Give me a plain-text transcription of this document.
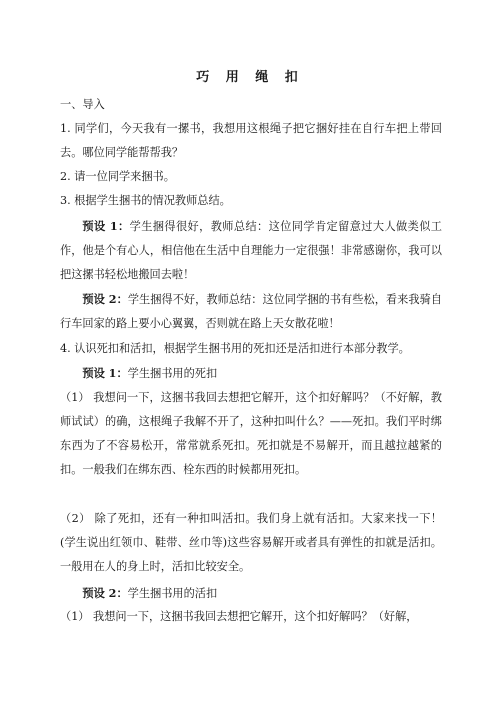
巧 用 绳 扣

一、导入

1. 同学们，今天我有一摞书，我想用这根绳子把它捆好挂在自行车把上带回去。哪位同学能帮帮我？

2. 请一位同学来捆书。

3. 根据学生捆书的情况教师总结。

预设 1：学生捆得很好，教师总结：这位同学肯定留意过大人做类似工作，他是个有心人，相信他在生活中自理能力一定很强！非常感谢你，我可以把这摞书轻松地搬回去啦！

预设 2：学生捆得不好，教师总结：这位同学捆的书有些松，看来我骑自行车回家的路上要小心翼翼，否则就在路上天女散花啦！

4. 认识死扣和活扣，根据学生捆书用的死扣还是活扣进行本部分教学。

预设 1：学生捆书用的死扣

（1） 我想问一下，这捆书我回去想把它解开，这个扣好解吗？（不好解，教师试试）的确，这根绳子我解不开了，这种扣叫什么？——死扣。我们平时绑东西为了不容易松开，常常就系死扣。死扣就是不易解开，而且越拉越紧的扣。一般我们在绑东西、栓东西的时候都用死扣。

（2） 除了死扣，还有一种扣叫活扣。我们身上就有活扣。大家来找一下！(学生说出红领巾、鞋带、丝巾等)这些容易解开或者具有弹性的扣就是活扣。一般用在人的身上时，活扣比较安全。

预设 2：学生捆书用的活扣

（1） 我想问一下，这捆书我回去想把它解开，这个扣好解吗？（好解，
